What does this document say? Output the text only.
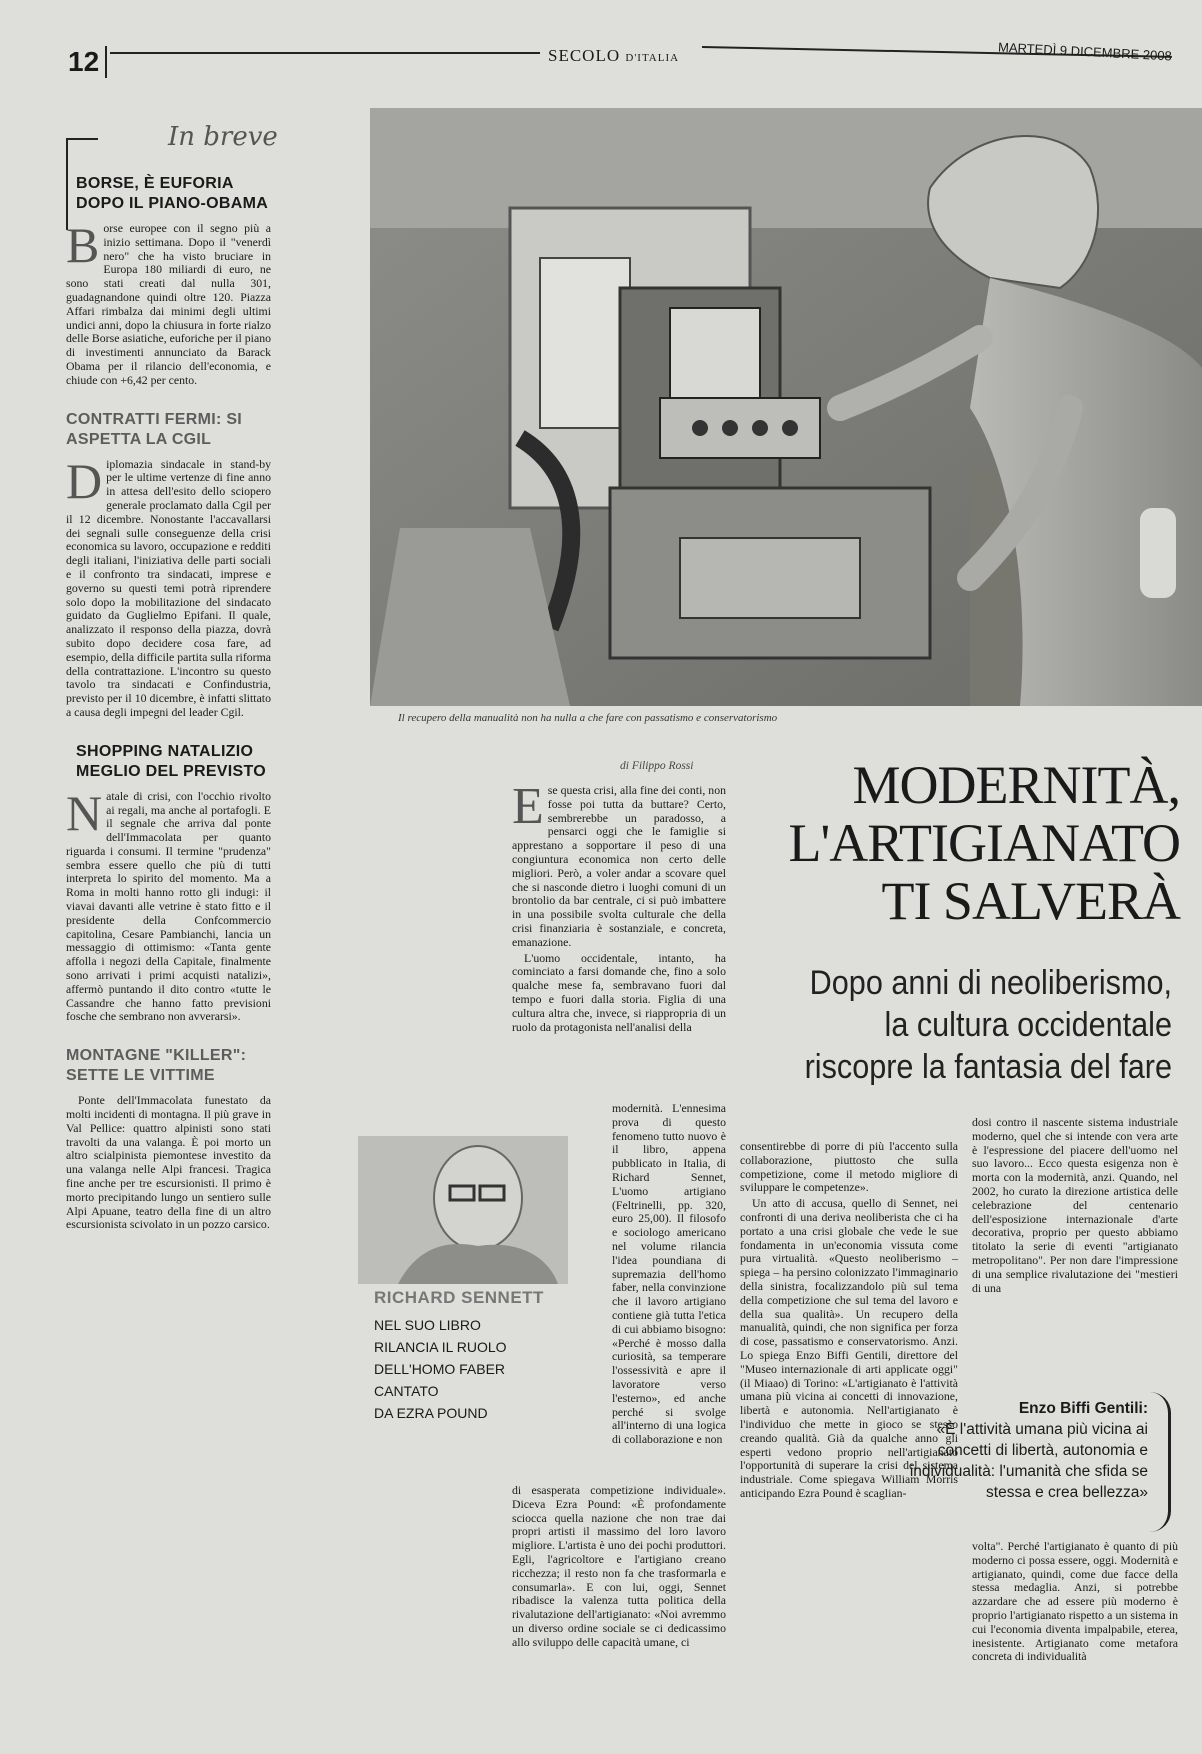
12	SECOLO D'ITALIA	MARTEDÌ 9 DICEMBRE 2008
In breve
BORSE, È EUFORIA DOPO IL PIANO-OBAMA
B orse europee con il segno più a inizio settimana. Dopo il "venerdì nero" che ha visto bruciare in Europa 180 miliardi di euro, ne sono stati creati dal nulla 301, guadagnandone quindi oltre 120. Piazza Affari rimbalza dai minimi degli ultimi undici anni, dopo la chiusura in forte rialzo delle Borse asiatiche, euforiche per il piano di investimenti annunciato da Barack Obama per il rilancio dell'economia, e chiude con +6,42 per cento.
CONTRATTI FERMI: SI ASPETTA LA CGIL
D iplomazia sindacale in stand-by per le ultime vertenze di fine anno in attesa dell'esito dello sciopero generale proclamato dalla Cgil per il 12 dicembre. Nonostante l'accavallarsi dei segnali sulle conseguenze della crisi economica su lavoro, occupazione e redditi degli italiani, l'iniziativa delle parti sociali e il confronto tra sindacati, imprese e governo su questi temi potrà riprendere solo dopo la mobilitazione del sindacato guidato da Guglielmo Epifani. Il quale, analizzato il responso della piazza, dovrà subito dopo decidere cosa fare, ad esempio, della difficile partita sulla riforma della contrattazione. L'incontro su questo tavolo tra sindacati e Confindustria, previsto per il 10 dicembre, è infatti slittato a causa degli impegni del leader Cgil.
SHOPPING NATALIZIO MEGLIO DEL PREVISTO
N atale di crisi, con l'occhio rivolto ai regali, ma anche al portafogli. E il segnale che arriva dal ponte dell'Immacolata per quanto riguarda i consumi. Il termine "prudenza" sembra essere quello che più di tutti interpreta lo spirito del momento. Ma a Roma in molti hanno rotto gli indugi: il viavai davanti alle vetrine è stato fitto e il presidente della Confcommercio capitolina, Cesare Pambianchi, lancia un messaggio di ottimismo: «Tanta gente affolla i negozi della Capitale, finalmente sono arrivati i primi acquisti natalizi», affermò puntando il dito contro «tutte le Cassandre che hanno fatto previsioni fosche che sembrano non avverarsi».
MONTAGNE "KILLER": SETTE LE VITTIME
Ponte dell'Immacolata funestato da molti incidenti di montagna. Il più grave in Val Pellice: quattro alpinisti sono stati travolti da una valanga. È poi morto un altro scialpinista piemontese investito da una valanga nelle Alpi francesi. Tragica fine anche per tre escursionisti. Il primo è morto precipitando lungo un sentiero sulle Alpi Apuane, teatro della fine di un altro escursionista scivolato in un pozzo carsico.
Il recupero della manualità non ha nulla a che fare con passatismo e conservatorismo
di Filippo Rossi	MODERNITÀ,
L'ARTIGIANATO
TI SALVERÀ
Dopo anni di neoliberismo,
la cultura occidentale
riscopre la fantasia del fare

E se questa crisi, alla fine dei conti, non fosse poi tutta da buttare? Certo, sembrerebbe un paradosso, a pensarci oggi che le famiglie si apprestano a sopportare il peso di una congiuntura economica non certo delle migliori. Però, a voler andar a scovare quel che si nasconde dietro i luoghi comuni di un brontolio da bar centrale, ci si può imbattere in una possibile svolta culturale che della crisi finanziaria è sostanziale, e concreta, emanazione.

L'uomo occidentale, intanto, ha cominciato a farsi domande che, fino a solo qualche mese fa, sembravano fuori dal tempo e fuori dalla storia. Figlia di una cultura altra che, invece, si riappropria di un ruolo da protagonista nell'analisi della

modernità. L'ennesima prova di questo fenomeno tutto nuovo è il libro, appena pubblicato in Italia, di Richard Sennet, L'uomo artigiano (Feltrinelli, pp. 320, euro 25,00). Il filosofo e sociologo americano nel volume rilancia l'idea poundiana di supremazia dell'homo faber, nella convinzione che il lavoro artigiano contiene già tutta l'etica di cui abbiamo bisogno: «Perché è mosso dalla curiosità, sa temperare l'ossessività e apre il lavoratore verso l'esterno», ed anche perché si svolge all'interno di una logica di collaborazione e non

di esasperata competizione individuale». Diceva Ezra Pound: «È profondamente sciocca quella nazione che non trae dai propri artisti il massimo del loro lavoro migliore. L'artista è uno dei pochi produttori. Egli, l'agricoltore e l'artigiano creano ricchezza; il resto non fa che trasformarla e consumarla». E con lui, oggi, Sennet ribadisce la valenza tutta politica della rivalutazione dell'artigianato: «Noi avremmo un diverso ordine sociale se ci dedicassimo allo sviluppo delle capacità umane, ci

consentirebbe di porre di più l'accento sulla collaborazione, piuttosto che sulla competizione, come il metodo migliore di sviluppare le competenze».

Un atto di accusa, quello di Sennet, nei confronti di una deriva neoliberista che ci ha portato a una crisi globale che vede le sue fondamenta in un'economia vissuta come pura virtualità. «Questo neoliberismo – spiega – ha persino colonizzato l'immaginario della sinistra, focalizzandolo più sul tema della competizione che sul tema del lavoro e della sua qualità». Un recupero della manualità, quindi, che non significa per forza di cose, passatismo e conservatorismo. Anzi. Lo spiega Enzo Biffi Gentili, direttore del "Museo internazionale di arti applicate oggi" (il Miaao) di Torino: «L'artigianato è l'attività umana più vicina ai concetti di innovazione, libertà e autonomia. Nell'artigianato è l'individuo che mette in gioco se stesso creando qualità. Già da qualche anno gli esperti vedono proprio nell'artigianato l'opportunità di superare la crisi del sistema industriale. Come spiegava William Morris anticipando Ezra Pound è scaglian-

dosi contro il nascente sistema industriale moderno, quel che si intende con vera arte è l'espressione del piacere dell'uomo nel suo lavoro... Ecco questa esigenza non è morta con la modernità, anzi. Quando, nel 2002, ho curato la direzione artistica delle celebrazione del centenario dell'esposizione internazionale d'arte decorativa, proprio per questo abbiamo titolato la serie di eventi "artigianato metropolitano". Per non dare l'impressione di una semplice rivalutazione dei "mestieri di una

volta". Perché l'artigianato è quanto di più moderno ci possa essere, oggi. Modernità e artigianato, quindi, come due facce della stessa medaglia. Anzi, si potrebbe azzardare che ad essere più moderno è proprio l'artigianato rispetto a un sistema in cui l'economia diventa impalpabile, eterea, inesistente. Artigianato come metafora concreta di individualità

RICHARD SENNETT
NEL SUO LIBRO
RILANCIA IL RUOLO
DELL'HOMO FABER
CANTATO
DA EZRA POUND	Enzo Biffi Gentili:
«È l'attività umana più vicina ai concetti di libertà, autonomia e individualità: l'umanità che sfida se stessa e crea bellezza»
